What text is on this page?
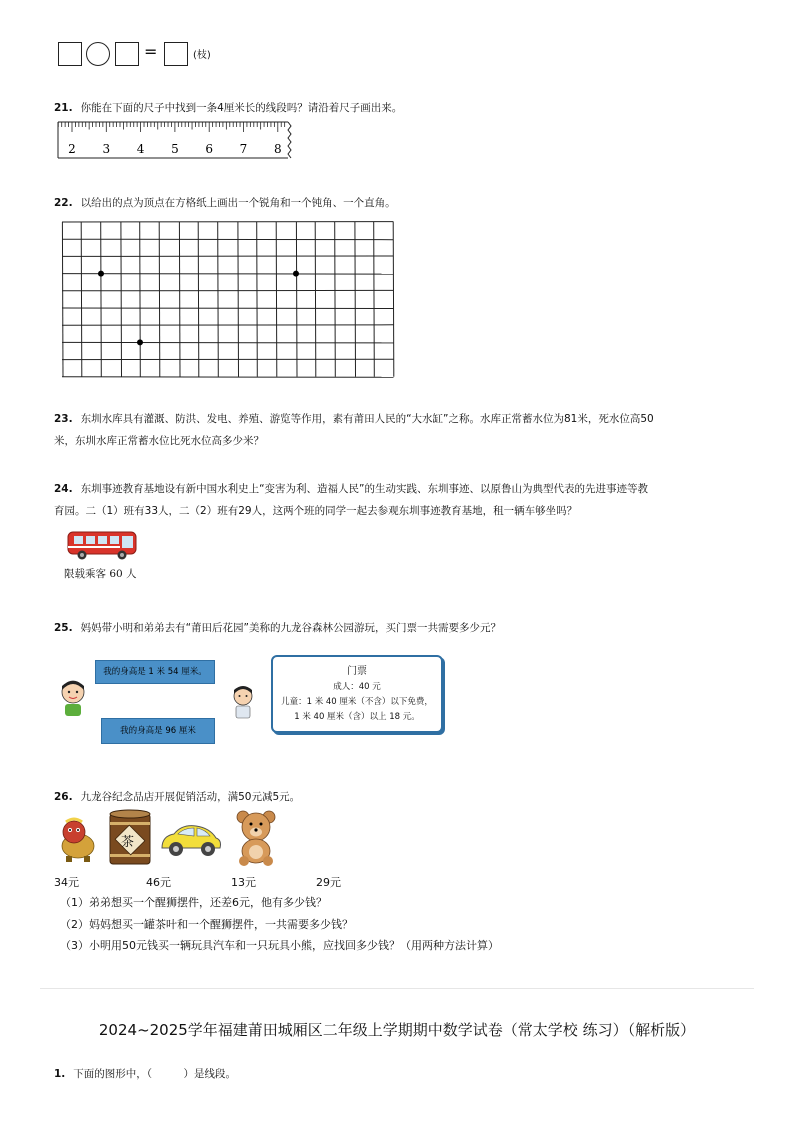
=	(枝)
21. 你能在下面的尺子中找到一条4厘米长的线段吗？请沿着尺子画出来。
2 3 4 5 6 7 8
22. 以给出的点为顶点在方格纸上画出一个锐角和一个钝角、一个直角。
23. 东圳水库具有灌溉、防洪、发电、养殖、游览等作用，素有莆田人民的“大水缸”之称。水库正常蓄水位为81米，死水位高50
米，东圳水库正常蓄水位比死水位高多少米？
24. 东圳事迹教育基地设有新中国水利史上“变害为利、造福人民”的生动实践、东圳事迹、以原鲁山为典型代表的先进事迹等教
育园。二（1）班有33人，二（2）班有29人，这两个班的同学一起去参观东圳事迹教育基地，租一辆车够坐吗？
限载乘客 60 人
25. 妈妈带小明和弟弟去有“莆田后花园”美称的九龙谷森林公园游玩，买门票一共需要多少元？
我的身高是 1 米 54 厘米。
我的身高是 96 厘米
门票
成人：40 元
儿童：1 米 40 厘米（不含）以下免费，
1 米 40 厘米（含）以上 18 元。
26. 九龙谷纪念品店开展促销活动，满50元减5元。
茶
34元	46元	13元	29元
（1）弟弟想买一个醒狮摆件，还差6元，他有多少钱？
（2）妈妈想买一罐茶叶和一个醒狮摆件，一共需要多少钱？
（3）小明用50元钱买一辆玩具汽车和一只玩具小熊，应找回多少钱？（用两种方法计算）
2024~2025学年福建莆田城厢区二年级上学期期中数学试卷（常太学校 练习）（解析版）
1. 下面的图形中，（　　　）是线段。
